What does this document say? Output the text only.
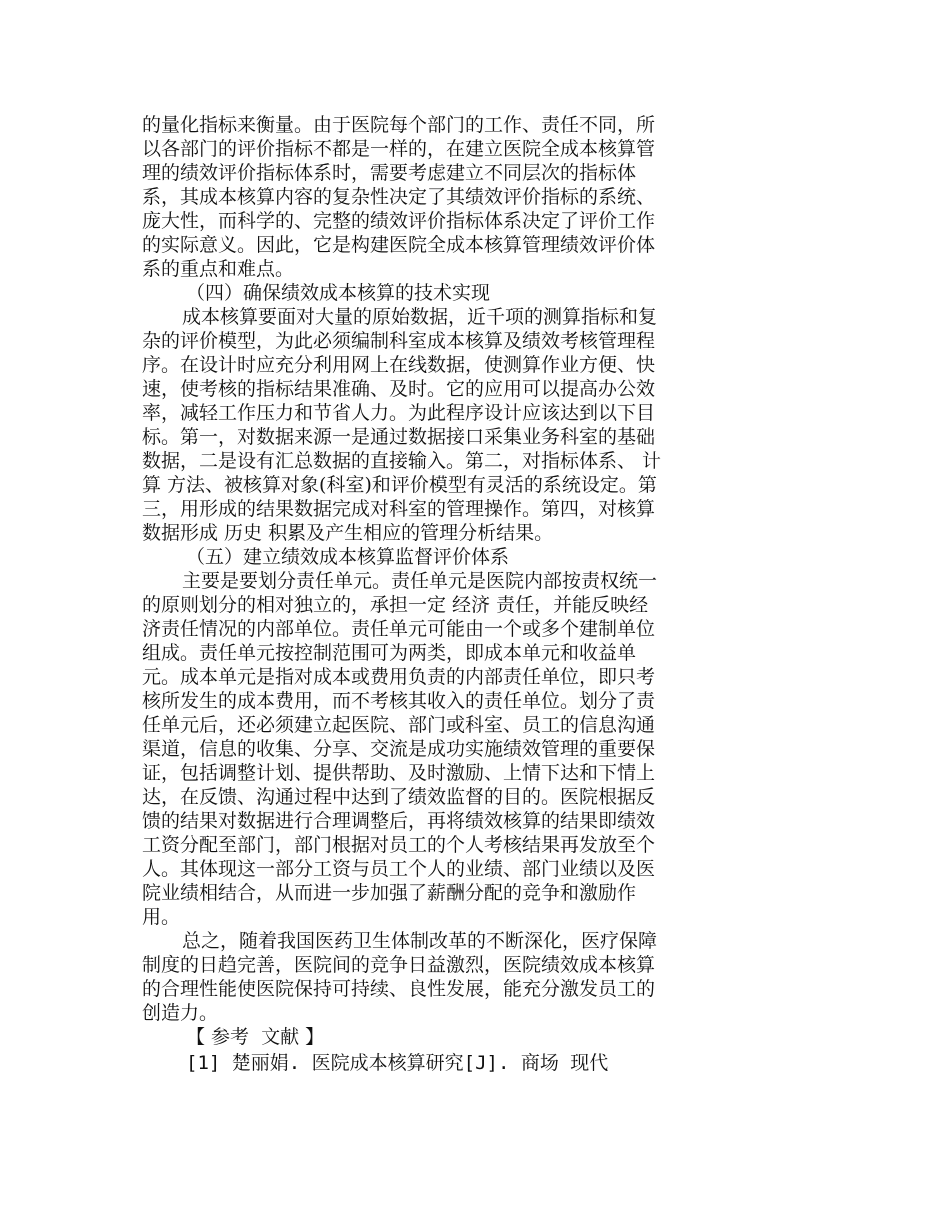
的量化指标来衡量。由于医院每个部门的工作、责任不同，所
以各部门的评价指标不都是一样的，在建立医院全成本核算管
理的绩效评价指标体系时，需要考虑建立不同层次的指标体
系，其成本核算内容的复杂性决定了其绩效评价指标的系统、
庞大性，而科学的、完整的绩效评价指标体系决定了评价工作
的实际意义。因此，它是构建医院全成本核算管理绩效评价体
系的重点和难点。
（四）确保绩效成本核算的技术实现
成本核算要面对大量的原始数据，近千项的测算指标和复
杂的评价模型，为此必须编制科室成本核算及绩效考核管理程
序。在设计时应充分利用网上在线数据，使测算作业方便、快
速，使考核的指标结果准确、及时。它的应用可以提高办公效
率，减轻工作压力和节省人力。为此程序设计应该达到以下目
标。第一，对数据来源一是通过数据接口采集业务科室的基础
数据，二是设有汇总数据的直接输入。第二，对指标体系、 计
算 方法、被核算对象(科室)和评价模型有灵活的系统设定。第
三，用形成的结果数据完成对科室的管理操作。第四，对核算
数据形成 历史 积累及产生相应的管理分析结果。
（五）建立绩效成本核算监督评价体系
主要是要划分责任单元。责任单元是医院内部按责权统一
的原则划分的相对独立的，承担一定 经济 责任，并能反映经
济责任情况的内部单位。责任单元可能由一个或多个建制单位
组成。责任单元按控制范围可为两类，即成本单元和收益单
元。成本单元是指对成本或费用负责的内部责任单位，即只考
核所发生的成本费用，而不考核其收入的责任单位。划分了责
任单元后，还必须建立起医院、部门或科室、员工的信息沟通
渠道，信息的收集、分享、交流是成功实施绩效管理的重要保
证，包括调整计划、提供帮助、及时激励、上情下达和下情上
达，在反馈、沟通过程中达到了绩效监督的目的。医院根据反
馈的结果对数据进行合理调整后，再将绩效核算的结果即绩效
工资分配至部门，部门根据对员工的个人考核结果再发放至个
人。其体现这一部分工资与员工个人的业绩、部门业绩以及医
院业绩相结合，从而进一步加强了薪酬分配的竞争和激励作
用。
总之，随着我国医药卫生体制改革的不断深化，医疗保障
制度的日趋完善，医院间的竞争日益激烈，医院绩效成本核算
的合理性能使医院保持可持续、良性发展，能充分激发员工的
创造力。
【 参考  文献 】
[1] 楚丽娟. 医院成本核算研究[J]. 商场 现代
